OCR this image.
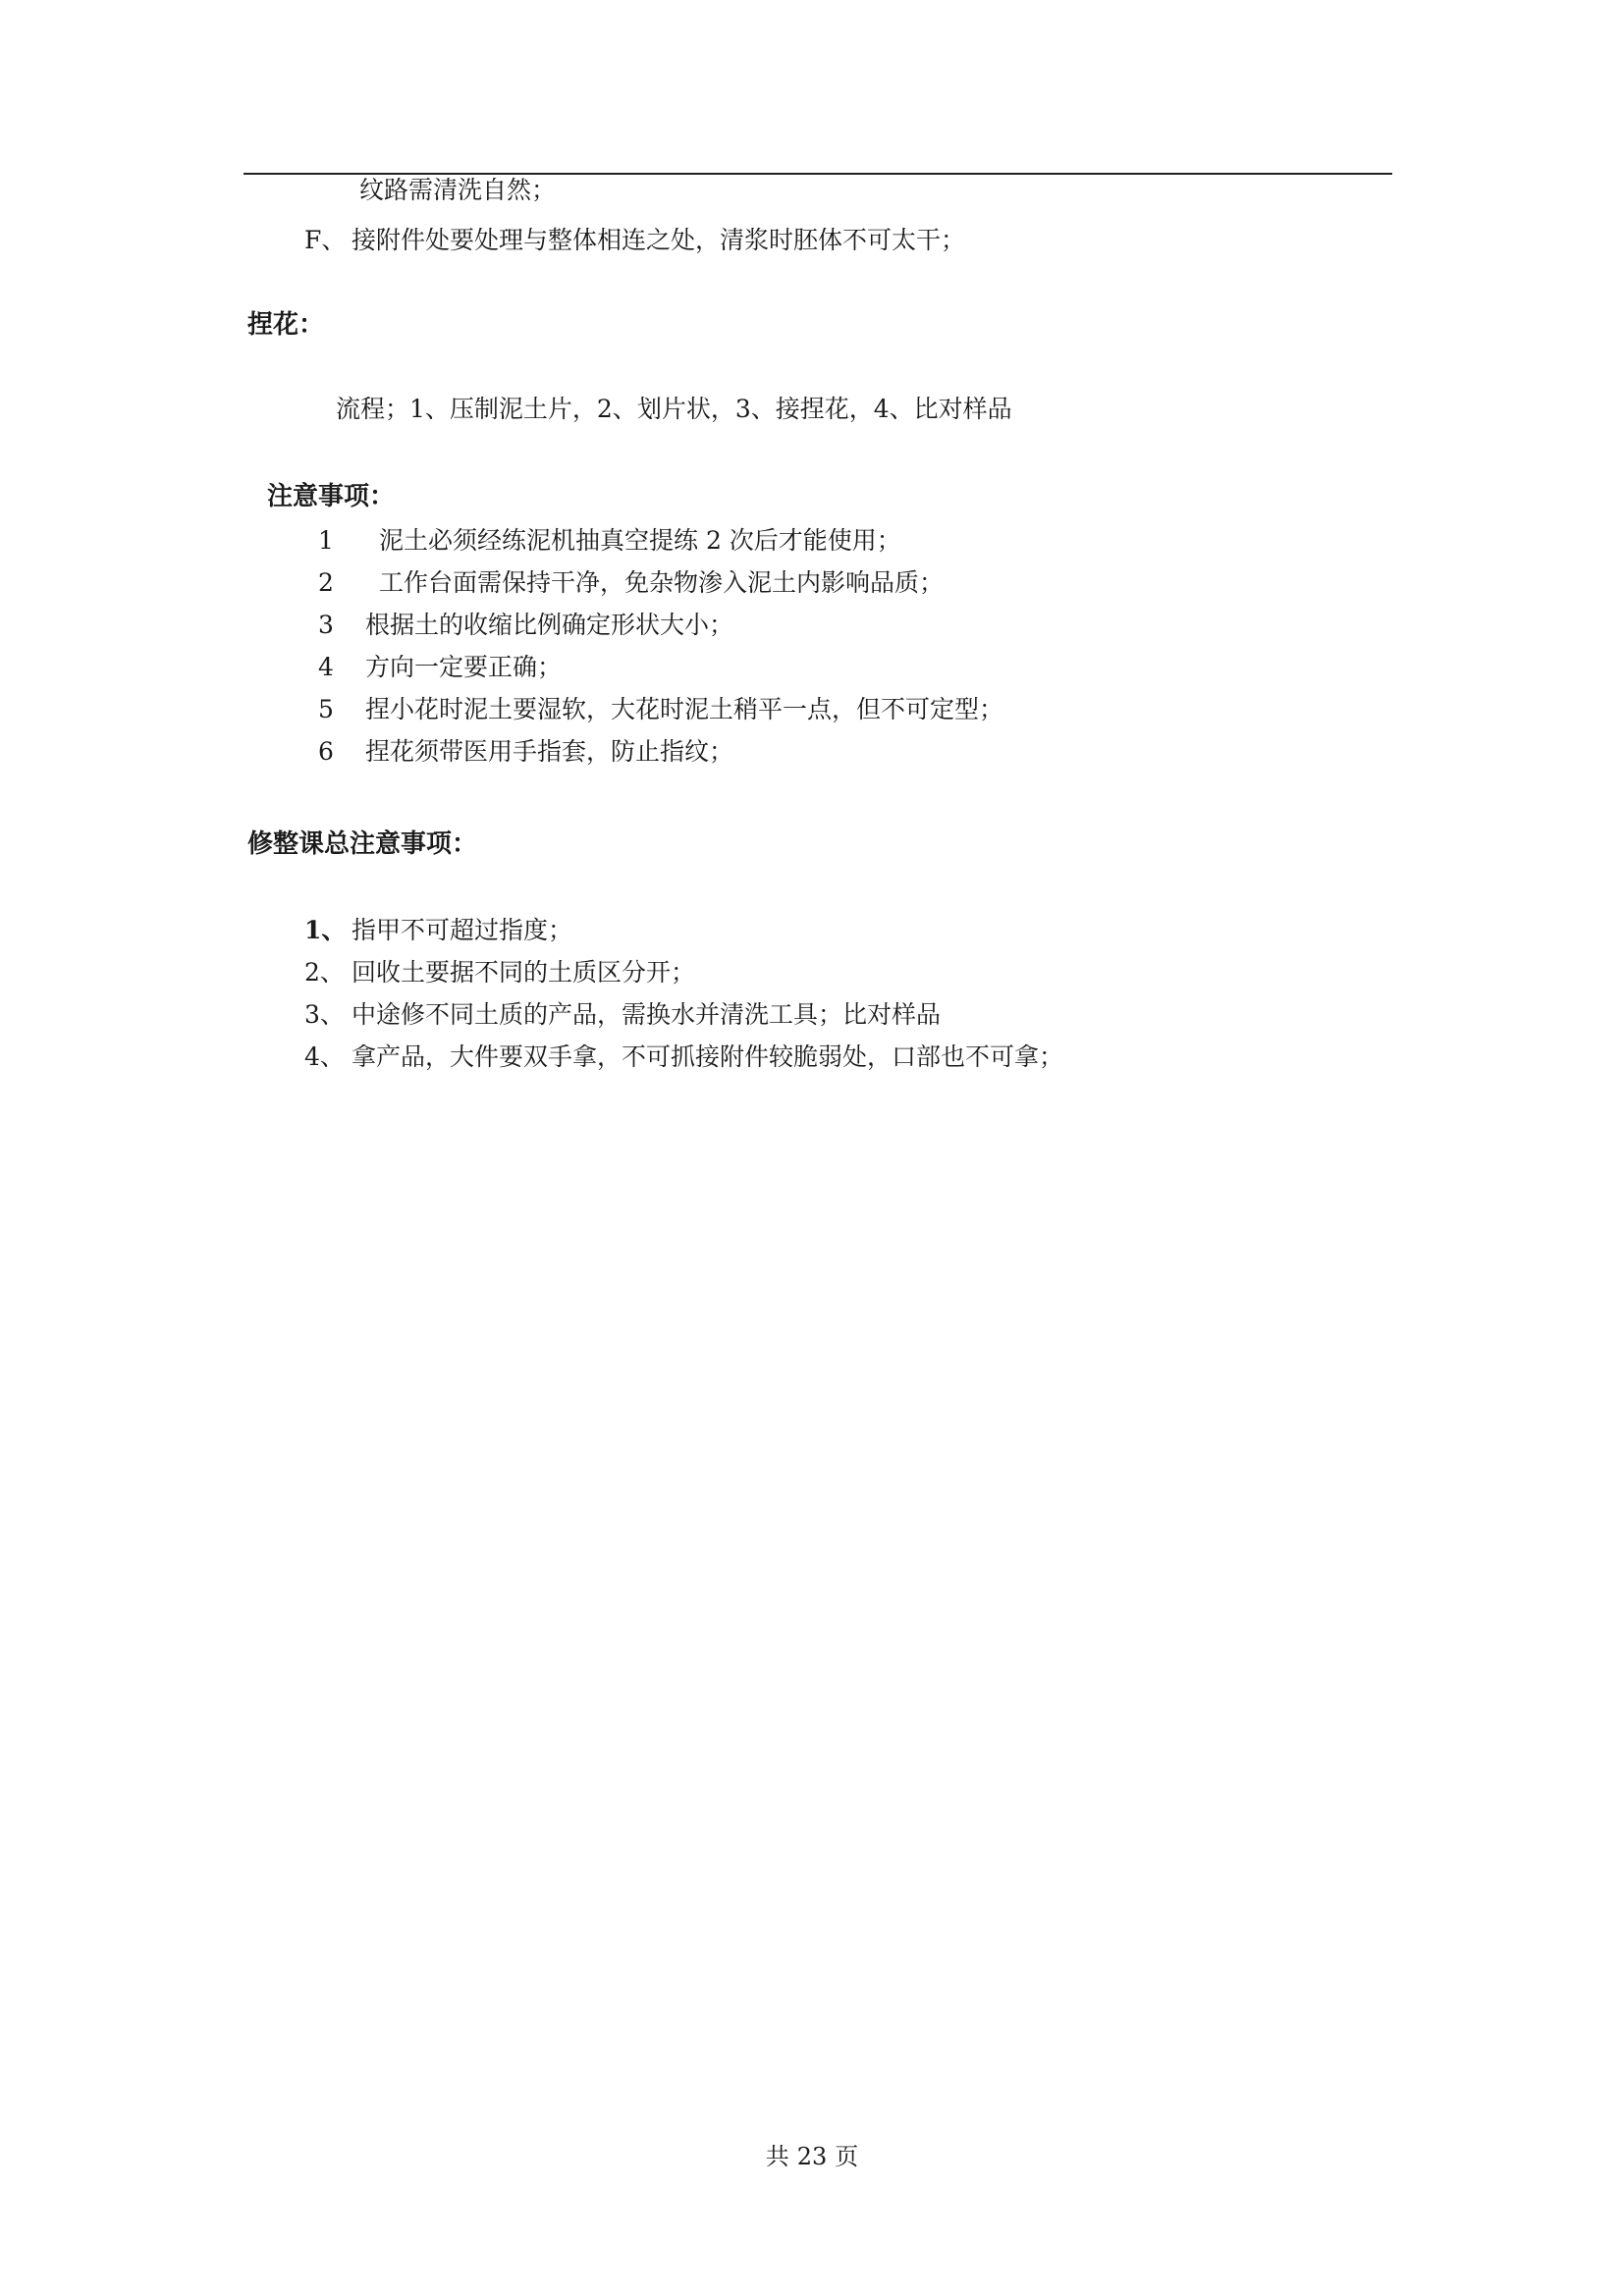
纹路需清洗自然；
F、 接附件处要处理与整体相连之处，清浆时胚体不可太干；
捏花：
流程；1、压制泥土片，2、划片状，3、接捏花，4、比对样品
注意事项：
1 泥土必须经练泥机抽真空提练 2 次后才能使用；
2 工作台面需保持干净，免杂物渗入泥土内影响品质；
3 根据土的收缩比例确定形状大小；
4 方向一定要正确；
5 捏小花时泥土要湿软，大花时泥土稍平一点，但不可定型；
6 捏花须带医用手指套，防止指纹；
修整课总注意事项：
1、 指甲不可超过指度；
2、 回收土要据不同的土质区分开；
3、 中途修不同土质的产品，需换水并清洗工具；比对样品
4、 拿产品，大件要双手拿，不可抓接附件较脆弱处，口部也不可拿；
共 23 页
